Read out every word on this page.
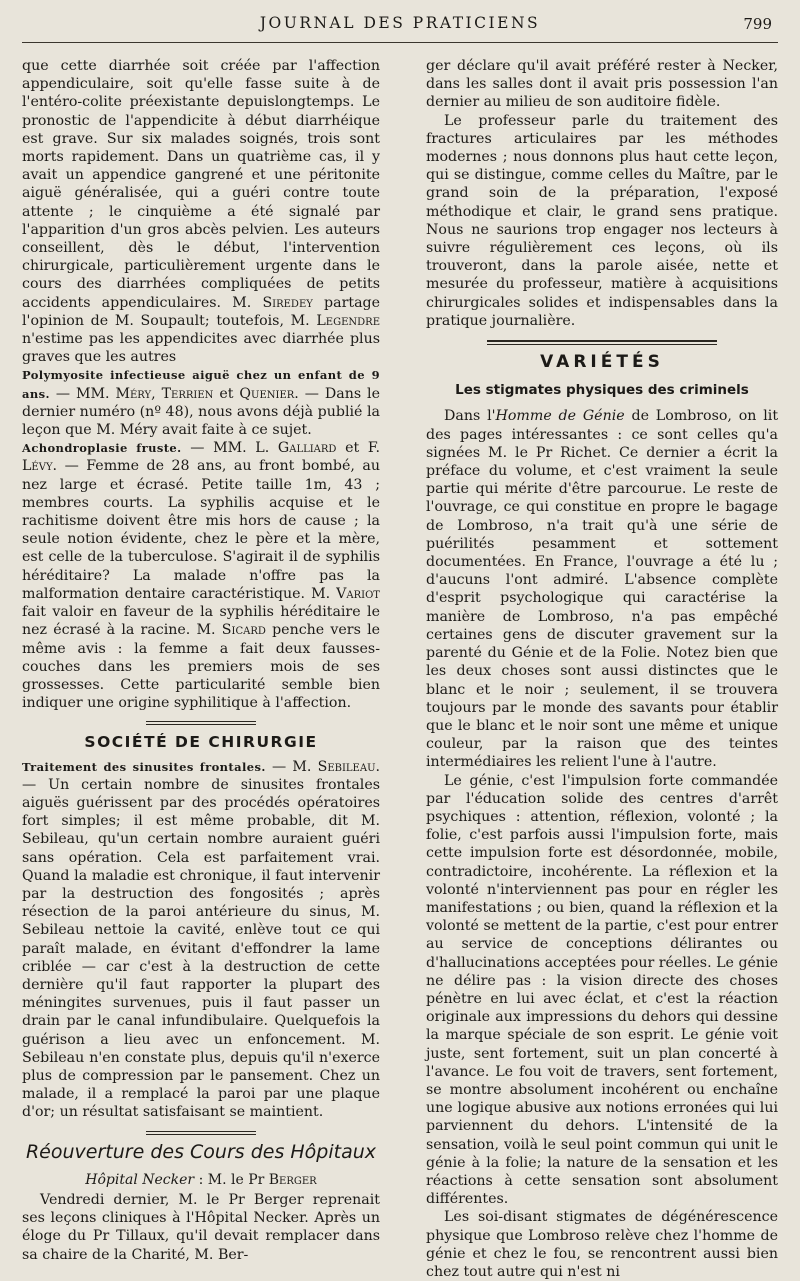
JOURNAL DES PRATICIENS	799

que cette diarrhée soit créée par l'affection appendiculaire, soit qu'elle fasse suite à de l'entéro-colite préexistante depuislongtemps. Le pronostic de l'appendicite à début diarrhéique est grave. Sur six malades soignés, trois sont morts rapidement. Dans un quatrième cas, il y avait un appendice gangrené et une péritonite aiguë généralisée, qui a guéri contre toute attente ; le cinquième a été signalé par l'apparition d'un gros abcès pelvien. Les auteurs conseillent, dès le début, l'intervention chirurgicale, particulièrement urgente dans le cours des diarrhées compliquées de petits accidents appendiculaires. M. Siredey partage l'opinion de M. Soupault; toutefois, M. Legendre n'estime pas les appendicites avec diarrhée plus graves que les autres

Polymyosite infectieuse aiguë chez un enfant de 9 ans. — MM. Méry, Terrien et Quenier. — Dans le dernier numéro (nº 48), nous avons déjà publié la leçon que M. Méry avait faite à ce sujet.

Achondroplasie fruste. — MM. L. Galliard et F. Lévy. — Femme de 28 ans, au front bombé, au nez large et écrasé. Petite taille 1m, 43 ; membres courts. La syphilis acquise et le rachitisme doivent être mis hors de cause ; la seule notion évidente, chez le père et la mère, est celle de la tuberculose. S'agirait il de syphilis héréditaire? La malade n'offre pas la malformation dentaire caractéristique. M. Variot fait valoir en faveur de la syphilis héréditaire le nez écrasé à la racine. M. Sicard penche vers le même avis : la femme a fait deux fausses-couches dans les premiers mois de ses grossesses. Cette particularité semble bien indiquer une origine syphilitique à l'affection.

SOCIÉTÉ DE CHIRURGIE

Traitement des sinusites frontales. — M. Sebileau. — Un certain nombre de sinusites frontales aiguës guérissent par des procédés opératoires fort simples; il est même probable, dit M. Sebileau, qu'un certain nombre auraient guéri sans opération. Cela est parfaitement vrai. Quand la maladie est chronique, il faut intervenir par la destruction des fongosités ; après résection de la paroi antérieure du sinus, M. Sebileau nettoie la cavité, enlève tout ce qui paraît malade, en évitant d'effondrer la lame criblée — car c'est à la destruction de cette dernière qu'il faut rapporter la plupart des méningites survenues, puis il faut passer un drain par le canal infundibulaire. Quelquefois la guérison a lieu avec un enfoncement. M. Sebileau n'en constate plus, depuis qu'il n'exerce plus de compression par le pansement. Chez un malade, il a remplacé la paroi par une plaque d'or; un résultat satisfaisant se maintient.

Réouverture des Cours des Hôpitaux
Hôpital Necker : M. le Pr Berger

Vendredi dernier, M. le Pr Berger reprenait ses leçons cliniques à l'Hôpital Necker. Après un éloge du Pr Tillaux, qu'il devait remplacer dans sa chaire de la Charité, M. Ber-

ger déclare qu'il avait préféré rester à Necker, dans les salles dont il avait pris possession l'an dernier au milieu de son auditoire fidèle.

Le professeur parle du traitement des fractures articulaires par les méthodes modernes ; nous donnons plus haut cette leçon, qui se distingue, comme celles du Maître, par le grand soin de la préparation, l'exposé méthodique et clair, le grand sens pratique. Nous ne saurions trop engager nos lecteurs à suivre régulièrement ces leçons, où ils trouveront, dans la parole aisée, nette et mesurée du professeur, matière à acquisitions chirurgicales solides et indispensables dans la pratique journalière.

VARIÉTÉS
Les stigmates physiques des criminels

Dans l'Homme de Génie de Lombroso, on lit des pages intéressantes : ce sont celles qu'a signées M. le Pr Richet. Ce dernier a écrit la préface du volume, et c'est vraiment la seule partie qui mérite d'être parcourue. Le reste de l'ouvrage, ce qui constitue en propre le bagage de Lombroso, n'a trait qu'à une série de puérilités pesamment et sottement documentées. En France, l'ouvrage a été lu ; d'aucuns l'ont admiré. L'absence complète d'esprit psychologique qui caractérise la manière de Lombroso, n'a pas empêché certaines gens de discuter gravement sur la parenté du Génie et de la Folie. Notez bien que les deux choses sont aussi distinctes que le blanc et le noir ; seulement, il se trouvera toujours par le monde des savants pour établir que le blanc et le noir sont une même et unique couleur, par la raison que des teintes intermédiaires les relient l'une à l'autre.

Le génie, c'est l'impulsion forte commandée par l'éducation solide des centres d'arrêt psychiques : attention, réflexion, volonté ; la folie, c'est parfois aussi l'impulsion forte, mais cette impulsion forte est désordonnée, mobile, contradictoire, incohérente. La réflexion et la volonté n'interviennent pas pour en régler les manifestations ; ou bien, quand la réflexion et la volonté se mettent de la partie, c'est pour entrer au service de conceptions délirantes ou d'hallucinations acceptées pour réelles. Le génie ne délire pas : la vision directe des choses pénètre en lui avec éclat, et c'est la réaction originale aux impressions du dehors qui dessine la marque spéciale de son esprit. Le génie voit juste, sent fortement, suit un plan concerté à l'avance. Le fou voit de travers, sent fortement, se montre absolument incohérent ou enchaîne une logique abusive aux notions erronées qui lui parviennent du dehors. L'intensité de la sensation, voilà le seul point commun qui unit le génie à la folie; la nature de la sensation et les réactions à cette sensation sont absolument différentes.

Les soi-disant stigmates de dégénérescence physique que Lombroso relève chez l'homme de génie et chez le fou, se rencontrent aussi bien chez tout autre qui n'est ni
